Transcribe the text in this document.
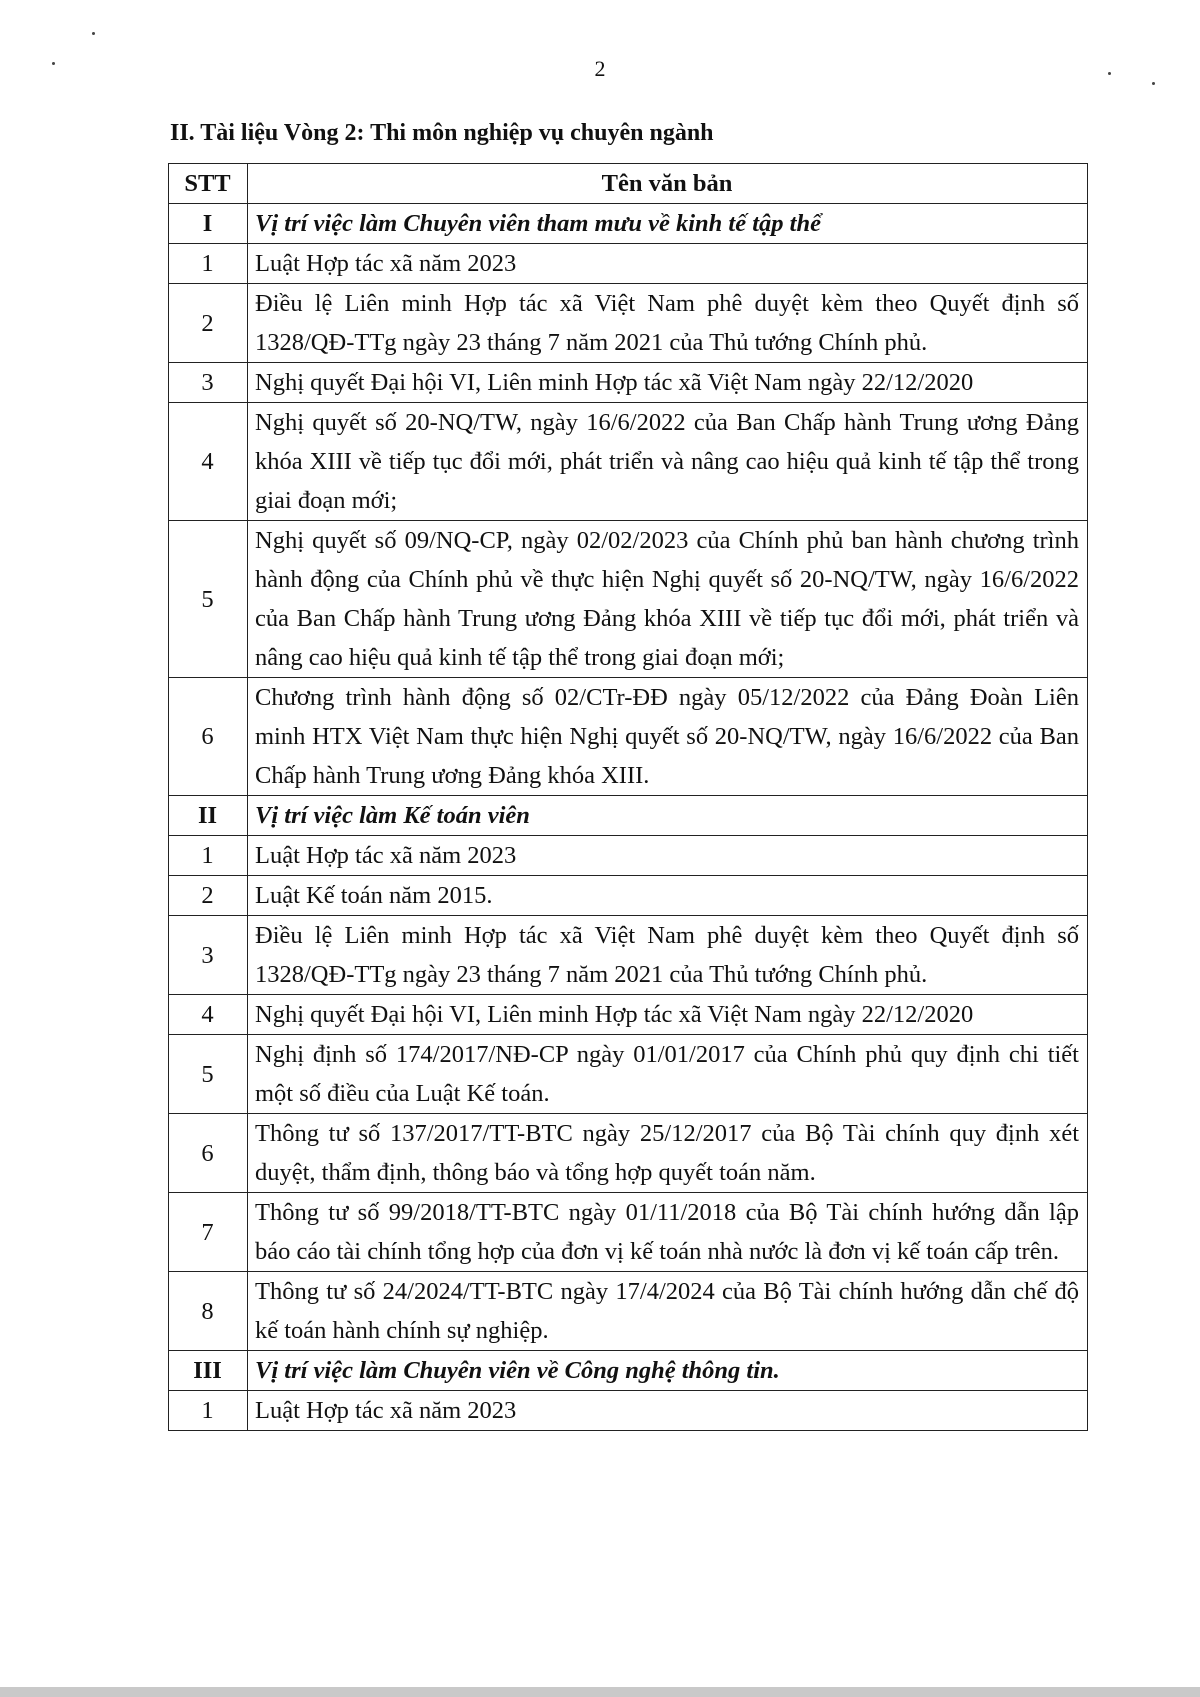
2
II. Tài liệu Vòng 2: Thi môn nghiệp vụ chuyên ngành
STT	Tên văn bản
I	Vị trí việc làm Chuyên viên tham mưu về kinh tế tập thể
1	Luật Hợp tác xã năm 2023
2	Điều lệ Liên minh Hợp tác xã Việt Nam phê duyệt kèm theo Quyết định số 1328/QĐ-TTg ngày 23 tháng 7 năm 2021 của Thủ tướng Chính phủ.
3	Nghị quyết Đại hội VI, Liên minh Hợp tác xã Việt Nam ngày 22/12/2020
4	Nghị quyết số 20-NQ/TW, ngày 16/6/2022 của Ban Chấp hành Trung ương Đảng khóa XIII về tiếp tục đổi mới, phát triển và nâng cao hiệu quả kinh tế tập thể trong giai đoạn mới;
5	Nghị quyết số 09/NQ-CP, ngày 02/02/2023 của Chính phủ ban hành chương trình hành động của Chính phủ về thực hiện Nghị quyết số 20-NQ/TW, ngày 16/6/2022 của Ban Chấp hành Trung ương Đảng khóa XIII về tiếp tục đổi mới, phát triển và nâng cao hiệu quả kinh tế tập thể trong giai đoạn mới;
6	Chương trình hành động số 02/CTr-ĐĐ ngày 05/12/2022 của Đảng Đoàn Liên minh HTX Việt Nam thực hiện Nghị quyết số 20-NQ/TW, ngày 16/6/2022 của Ban Chấp hành Trung ương Đảng khóa XIII.
II	Vị trí việc làm Kế toán viên
1	Luật Hợp tác xã năm 2023
2	Luật Kế toán năm 2015.
3	Điều lệ Liên minh Hợp tác xã Việt Nam phê duyệt kèm theo Quyết định số 1328/QĐ-TTg ngày 23 tháng 7 năm 2021 của Thủ tướng Chính phủ.
4	Nghị quyết Đại hội VI, Liên minh Hợp tác xã Việt Nam ngày 22/12/2020
5	Nghị định số 174/2017/NĐ-CP ngày 01/01/2017 của Chính phủ quy định chi tiết một số điều của Luật Kế toán.
6	Thông tư số 137/2017/TT-BTC ngày 25/12/2017 của Bộ Tài chính quy định xét duyệt, thẩm định, thông báo và tổng hợp quyết toán năm.
7	Thông tư số 99/2018/TT-BTC ngày 01/11/2018 của Bộ Tài chính hướng dẫn lập báo cáo tài chính tổng hợp của đơn vị kế toán nhà nước là đơn vị kế toán cấp trên.
8	Thông tư số 24/2024/TT-BTC ngày 17/4/2024 của Bộ Tài chính hướng dẫn chế độ kế toán hành chính sự nghiệp.
III	Vị trí việc làm Chuyên viên về Công nghệ thông tin.
1	Luật Hợp tác xã năm 2023
